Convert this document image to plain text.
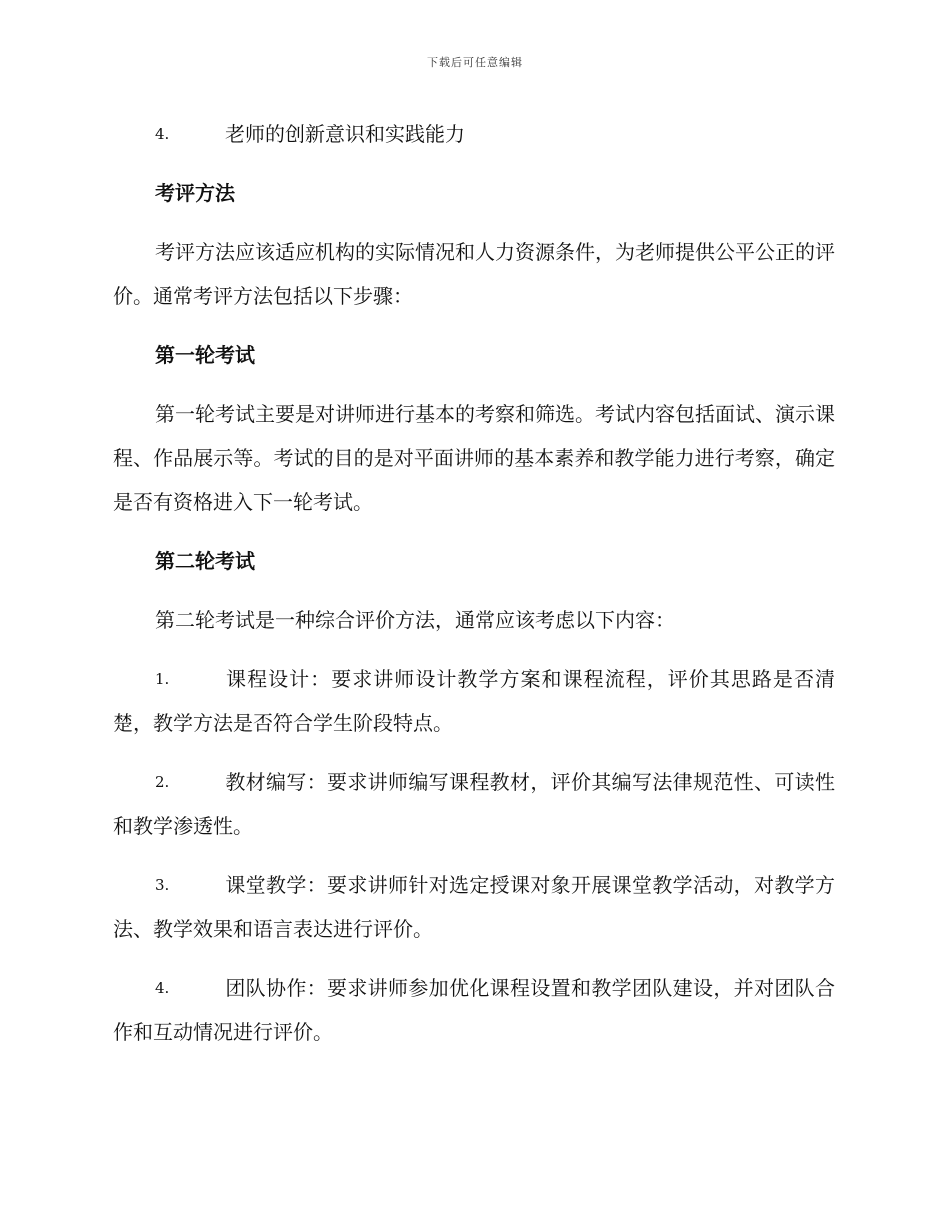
下载后可任意编辑
4.	老师的创新意识和实践能力
考评方法
考评方法应该适应机构的实际情况和人力资源条件，为老师提供公平公正的评价。通常考评方法包括以下步骤：
第一轮考试
第一轮考试主要是对讲师进行基本的考察和筛选。考试内容包括面试、演示课程、作品展示等。考试的目的是对平面讲师的基本素养和教学能力进行考察，确定是否有资格进入下一轮考试。
第二轮考试
第二轮考试是一种综合评价方法，通常应该考虑以下内容：
1.	课程设计：要求讲师设计教学方案和课程流程，评价其思路是否清楚，教学方法是否符合学生阶段特点。
2.	教材编写：要求讲师编写课程教材，评价其编写法律规范性、可读性和教学渗透性。
3.	课堂教学：要求讲师针对选定授课对象开展课堂教学活动，对教学方法、教学效果和语言表达进行评价。
4.	团队协作：要求讲师参加优化课程设置和教学团队建设，并对团队合作和互动情况进行评价。
